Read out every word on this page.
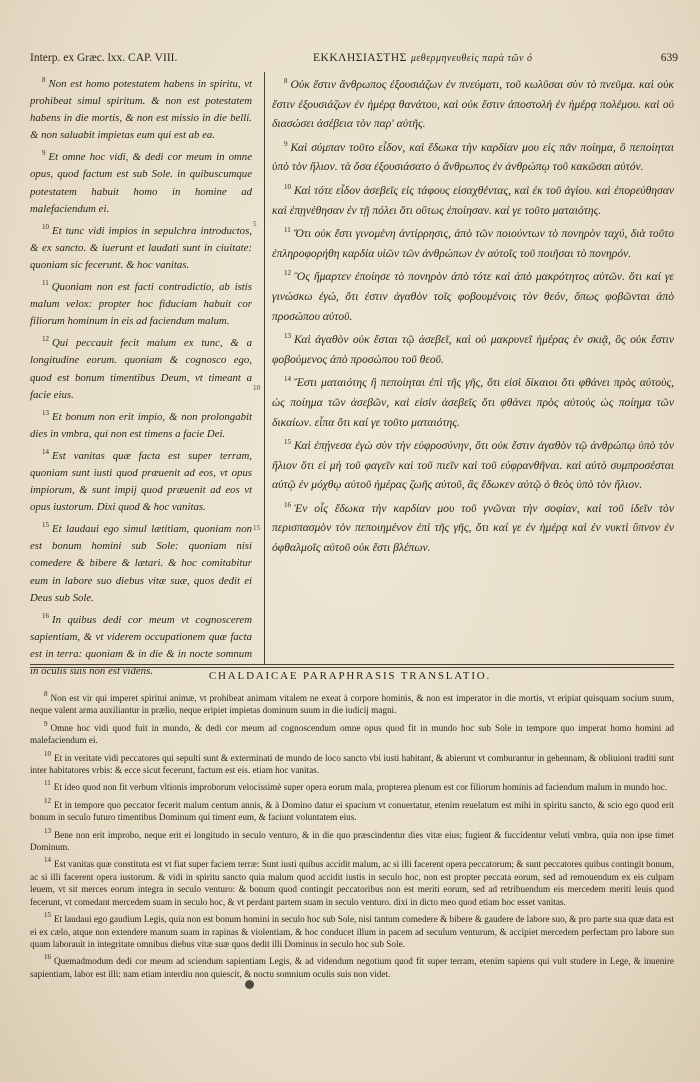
Interp. ex Græc. lxx. CAP. VIII.	ΕΚΚΛΗΣΙΑΣΤΗΣ μεθερμηνευθεὶς παρὰ τῶν ό	639

$^8$ Non est homo potestatem habens in spiritu, vt prohibeat simul spiritum. & non est potestatem habens in die mortis, & non est missio in die belli. & non saluabit impietas eum qui est ab ea.

$^9$ Et omne hoc vidi, & dedi cor meum in omne opus, quod factum est sub Sole. in quibuscumque potestatem habuit homo in homine ad malefaciendum ei.

$^{10}$ Et tunc vidi impios in sepulchra introductos, & ex sancto. & iuerunt et laudati sunt in ciuitate: quoniam sic fecerunt. & hoc vanitas.

$^{11}$ Quoniam non est facti contradictio, ab istis malum velox: propter hoc fiduciam habuit cor filiorum hominum in eis ad faciendum malum.

$^{12}$ Qui peccauit fecit malum ex tunc, & a longitudine eorum. quoniam & cognosco ego, quod est bonum timentibus Deum, vt timeant a facie eius.

$^{13}$ Et bonum non erit impio, & non prolongabit dies in vmbra, qui non est timens a facie Dei.

$^{14}$ Est vanitas quæ facta est super terram, quoniam sunt iusti quod præuenit ad eos, vt opus impiorum, & sunt impij quod præuenit ad eos vt opus iustorum. Dixi quod & hoc vanitas.

$^{15}$ Et laudaui ego simul lætitiam, quoniam non est bonum homini sub Sole: quoniam nisi comedere & bibere & lætari. & hoc comitabitur eum in labore suo diebus vitæ suæ, quos dedit ei Deus sub Sole.

$^{16}$ In quibus dedi cor meum vt cognoscerem sapientiam, & vt viderem occupationem quæ facta est in terra: quoniam & in die & in nocte somnum in oculis suis non est videns.

5
10
15

$^8$ Οὐκ ἔστιν ἄνθρωπος ἐξουσιάζων ἐν πνεύματι, τοῦ κωλῦσαι σὺν τὸ πνεῦμα. καὶ οὐκ ἔστιν ἐξουσιάζων ἐν ἡμέρᾳ θανάτου, καὶ οὐκ ἔστιν ἀποστολὴ ἐν ἡμέρᾳ πολέμου. καὶ οὐ διασώσει ἀσέβεια τὸν παρ' αὐτῆς.

$^9$ Καὶ σύμπαν τοῦτο εἶδον, καὶ ἔδωκα τὴν καρδίαν μου εἰς πᾶν ποίημα, ὃ πεποίηται ὑπὸ τὸν ἥλιον. τὰ ὅσα ἐξουσιάσατο ὁ ἄνθρωπος ἐν ἀνθρώπῳ τοῦ κακῶσαι αὐτόν.

$^{10}$ Καὶ τότε εἶδον ἀσεβεῖς εἰς τάφους εἰσαχθέντας, καὶ ἐκ τοῦ ἁγίου. καὶ ἐπορεύθησαν καὶ ἐπῃνέθησαν ἐν τῇ πόλει ὅτι οὕτως ἐποίησαν. καί γε τοῦτο ματαιότης.

$^{11}$ Ὅτι οὐκ ἔστι γινομένη ἀντίρρησις, ἀπὸ τῶν ποιούντων τὸ πονηρὸν ταχύ, διὰ τοῦτο ἐπληροφορήθη καρδία υἱῶν τῶν ἀνθρώπων ἐν αὐτοῖς τοῦ ποιῆσαι τὸ πονηρόν.

$^{12}$ Ὃς ἥμαρτεν ἐποίησε τὸ πονηρὸν ἀπὸ τότε καὶ ἀπὸ μακρότητος αὐτῶν. ὅτι καί γε γινώσκω ἐγώ, ὅτι ἐστιν ἀγαθὸν τοῖς φοβουμένοις τὸν θεόν, ὅπως φοβῶνται ἀπὸ προσώπου αὐτοῦ.

$^{13}$ Καὶ ἀγαθὸν οὐκ ἔσται τῷ ἀσεβεῖ, καὶ οὐ μακρυνεῖ ἡμέρας ἐν σκιᾷ, ὃς οὐκ ἔστιν φοβούμενος ἀπὸ προσώπου τοῦ θεοῦ.

$^{14}$ Ἔστι ματαιότης ἣ πεποίηται ἐπὶ τῆς γῆς, ὅτι εἰσὶ δίκαιοι ὅτι φθάνει πρὸς αὐτοὺς, ὡς ποίημα τῶν ἀσεβῶν, καὶ εἰσὶν ἀσεβεῖς ὅτι φθάνει πρὸς αὐτοὺς ὡς ποίημα τῶν δικαίων. εἶπα ὅτι καί γε τοῦτο ματαιότης.

$^{15}$ Καὶ ἐπῄνεσα ἐγὼ σὺν τὴν εὐφροσύνην, ὅτι οὐκ ἔστιν ἀγαθὸν τῷ ἀνθρώπῳ ὑπὸ τὸν ἥλιον ὅτι εἰ μὴ τοῦ φαγεῖν καὶ τοῦ πιεῖν καὶ τοῦ εὐφρανθῆναι. καὶ αὐτὸ συμπροσέσται αὐτῷ ἐν μόχθῳ αὐτοῦ ἡμέρας ζωῆς αὐτοῦ, ἃς ἔδωκεν αὐτῷ ὁ θεὸς ὑπὸ τὸν ἥλιον.

$^{16}$ Ἐν οἷς ἔδωκα τὴν καρδίαν μου τοῦ γνῶναι τὴν σοφίαν, καὶ τοῦ ἰδεῖν τὸν περισπασμὸν τὸν πεποιημένον ἐπὶ τῆς γῆς, ὅτι καί γε ἐν ἡμέρᾳ καὶ ἐν νυκτὶ ὕπνον ἐν ὀφθαλμοῖς αὐτοῦ οὐκ ἔστι βλέπων.

CHALDAICAE PARAPHRASIS TRANSLATIO.

$^8$ Non est vir qui imperet spiritui animæ, vt prohibeat animam vitalem ne exeat à corpore hominis, & non est imperator in die mortis, vt eripiat quisquam socium suum, neque valent arma auxiliantur in prælio, neque eripiet impietas dominum suum in die iudicij magni.

$^9$ Omne hoc vidi quod fuit in mundo, & dedi cor meum ad cognoscendum omne opus quod fit in mundo hoc sub Sole in tempore quo imperat homo homini ad malefaciendum ei.

$^{10}$ Et in veritate vidi peccatores qui sepulti sunt & exterminati de mundo de loco sancto vbi iusti habitant, & abierunt vt comburantur in gehennam, & obliuioni traditi sunt inter habitatores vrbis: & ecce sicut fecerunt, factum est eis. etiam hoc vanitas.

$^{11}$ Et ideo quod non fit verbum vltionis improborum velocissimè super opera eorum mala, propterea plenum est cor filiorum hominis ad faciendum malum in mundo hoc.

$^{12}$ Et in tempore quo peccator fecerit malum centum annis, & à Domino datur ei spacium vt conuertatur, etenim reuelatum est mihi in spiritu sancto, & scio ego quod erit bonum in seculo futuro timentibus Dominum qui timent eum, & faciunt voluntatem eius.

$^{13}$ Bene non erit improbo, neque erit ei longitudo in seculo venturo, & in die quo præscindentur dies vitæ eius; fugient & fuccidentur veluti vmbra, quia non ipse timet Dominum.

$^{14}$ Est vanitas quæ constituta est vt fiat super faciem terræ: Sunt iusti quibus accidit malum, ac si illi facerent opera peccatorum; & sunt peccatores quibus contingit bonum, ac si illi facerent opera iustorum. & vidi in spiritu sancto quia malum quod accidit iustis in seculo hoc, non est propter peccata eorum, sed ad remouendum ex eis culpam leuem, vt sit merces eorum integra in seculo venturo: & bonum quod contingit peccatoribus non est meriti eorum, sed ad retribuendum eis mercedem meriti leuis quod fecerunt, vt comedant mercedem suam in seculo hoc, & vt perdant partem suam in seculo venturo. dixi in dicto meo quod etiam hoc esset vanitas.

$^{15}$ Et laudaui ego gaudium Legis, quia non est bonum homini in seculo hoc sub Sole, nisi tantum comedere & bibere & gaudere de labore suo, & pro parte sua quæ data est ei ex cælo, atque non extendere manum suam in rapinas & violentiam, & hoc conducet illum in pacem ad seculum venturum, & accipiet mercedem perfectam pro labore suo quam laborauit in integritate omnibus diebus vitæ suæ quos dedit illi Dominus in seculo hoc sub Sole.

$^{16}$ Quemadmodum dedi cor meum ad sciendum sapientiam Legis, & ad videndum negotium quod fit super terram, etenim sapiens qui vult studere in Lege, & inuenire sapientiam, labor est illi: nam etiam interdiu non quiescit, & noctu somnium oculis suis non videt.
